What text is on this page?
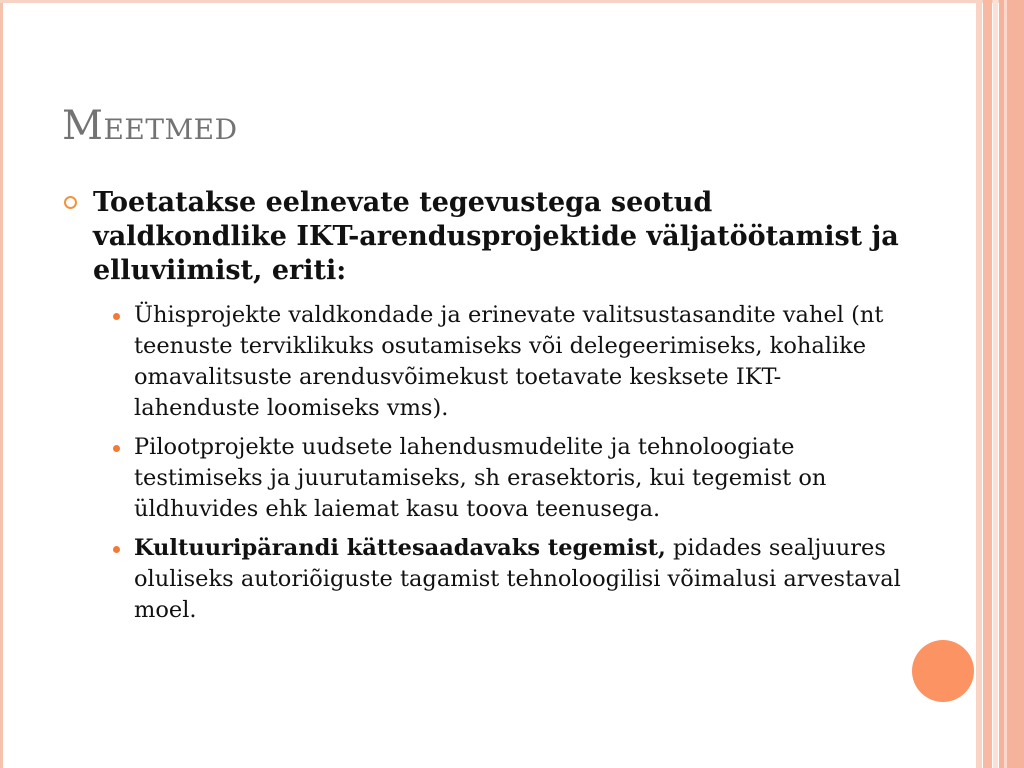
Meetmed
Toetatakse eelnevate tegevustega seotud valdkondlike IKT-arendusprojektide väljatöötamist ja elluviimist, eriti:
Ühisprojekte valdkondade ja erinevate valitsustasandite vahel (nt teenuste terviklikuks osutamiseks või delegeerimiseks, kohalike omavalitsuste arendusvõimekust toetavate kesksete IKT-lahenduste loomiseks vms).
Pilootprojekte uudsete lahendusmudelite ja tehnoloogiate testimiseks ja juurutamiseks, sh erasektoris, kui tegemist on üldhuvides ehk laiemat kasu toova teenusega.
Kultuuripärandi kättesaadavaks tegemist, pidades sealjuures oluliseks autoriõiguste tagamist tehnoloogilisi võimalusi arvestaval moel.
